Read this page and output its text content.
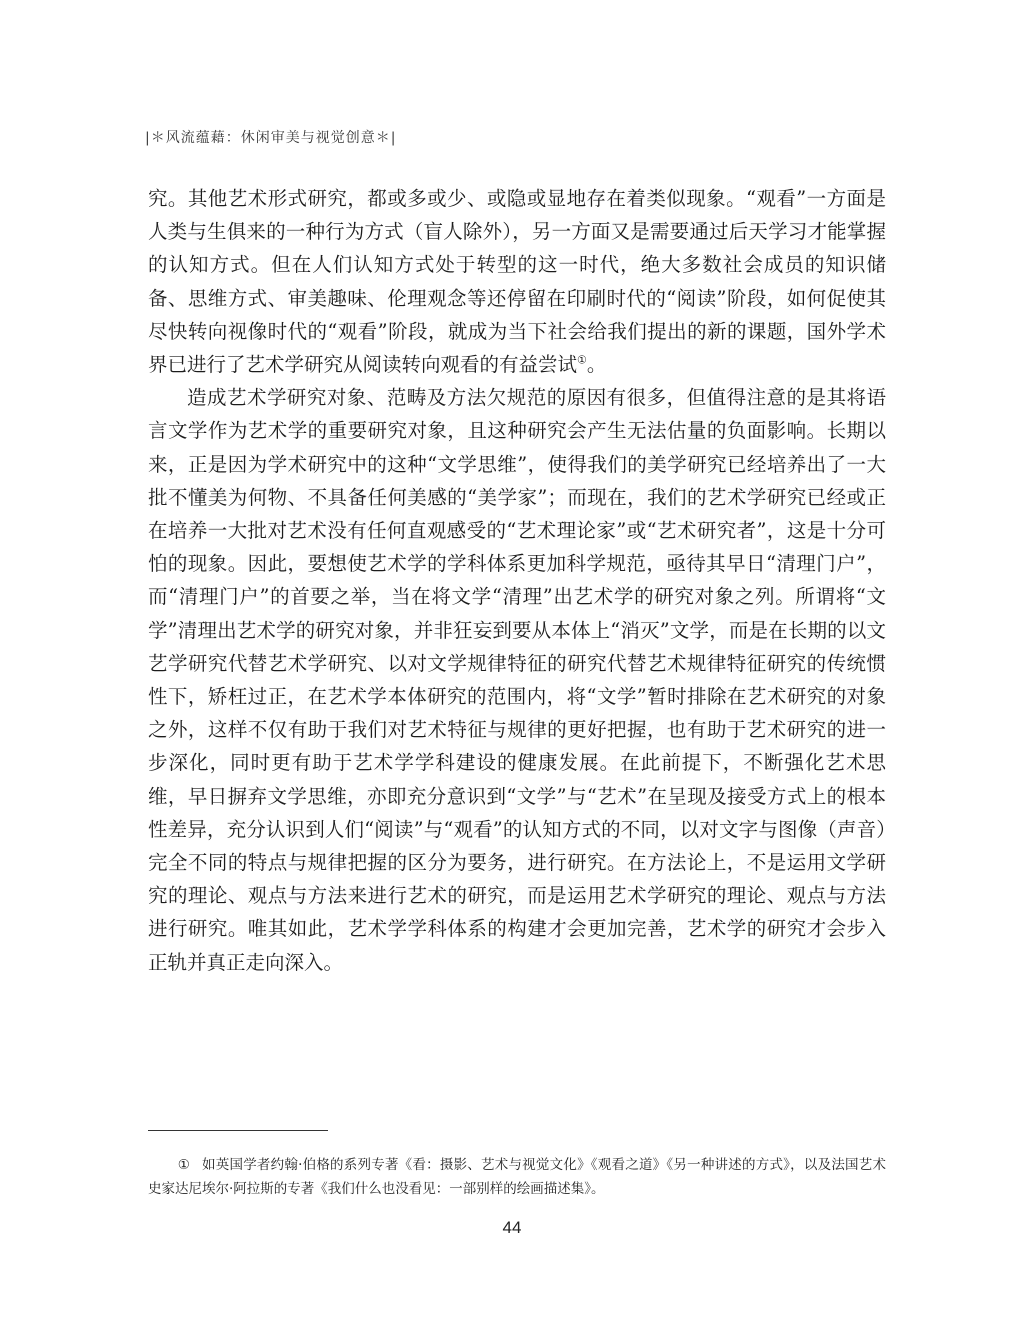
|＊风流蕴藉：休闲审美与视觉创意＊|

究。其他艺术形式研究，都或多或少、或隐或显地存在着类似现象。“观看”一方面是人类与生俱来的一种行为方式（盲人除外），另一方面又是需要通过后天学习才能掌握的认知方式。但在人们认知方式处于转型的这一时代，绝大多数社会成员的知识储备、思维方式、审美趣味、伦理观念等还停留在印刷时代的“阅读”阶段，如何促使其尽快转向视像时代的“观看”阶段，就成为当下社会给我们提出的新的课题，国外学术界已进行了艺术学研究从阅读转向观看的有益尝试①。

造成艺术学研究对象、范畴及方法欠规范的原因有很多，但值得注意的是其将语言文学作为艺术学的重要研究对象，且这种研究会产生无法估量的负面影响。长期以来，正是因为学术研究中的这种“文学思维”，使得我们的美学研究已经培养出了一大批不懂美为何物、不具备任何美感的“美学家”；而现在，我们的艺术学研究已经或正在培养一大批对艺术没有任何直观感受的“艺术理论家”或“艺术研究者”，这是十分可怕的现象。因此，要想使艺术学的学科体系更加科学规范，亟待其早日“清理门户”，而“清理门户”的首要之举，当在将文学“清理”出艺术学的研究对象之列。所谓将“文学”清理出艺术学的研究对象，并非狂妄到要从本体上“消灭”文学，而是在长期的以文艺学研究代替艺术学研究、以对文学规律特征的研究代替艺术规律特征研究的传统惯性下，矫枉过正，在艺术学本体研究的范围内，将“文学”暂时排除在艺术研究的对象之外，这样不仅有助于我们对艺术特征与规律的更好把握，也有助于艺术研究的进一步深化，同时更有助于艺术学学科建设的健康发展。在此前提下，不断强化艺术思维，早日摒弃文学思维，亦即充分意识到“文学”与“艺术”在呈现及接受方式上的根本性差异，充分认识到人们“阅读”与“观看”的认知方式的不同，以对文字与图像（声音）完全不同的特点与规律把握的区分为要务，进行研究。在方法论上，不是运用文学研究的理论、观点与方法来进行艺术的研究，而是运用艺术学研究的理论、观点与方法进行研究。唯其如此，艺术学学科体系的构建才会更加完善，艺术学的研究才会步入正轨并真正走向深入。

① 如英国学者约翰·伯格的系列专著《看：摄影、艺术与视觉文化》《观看之道》《另一种讲述的方式》，以及法国艺术史家达尼埃尔·阿拉斯的专著《我们什么也没看见：一部别样的绘画描述集》。
44
